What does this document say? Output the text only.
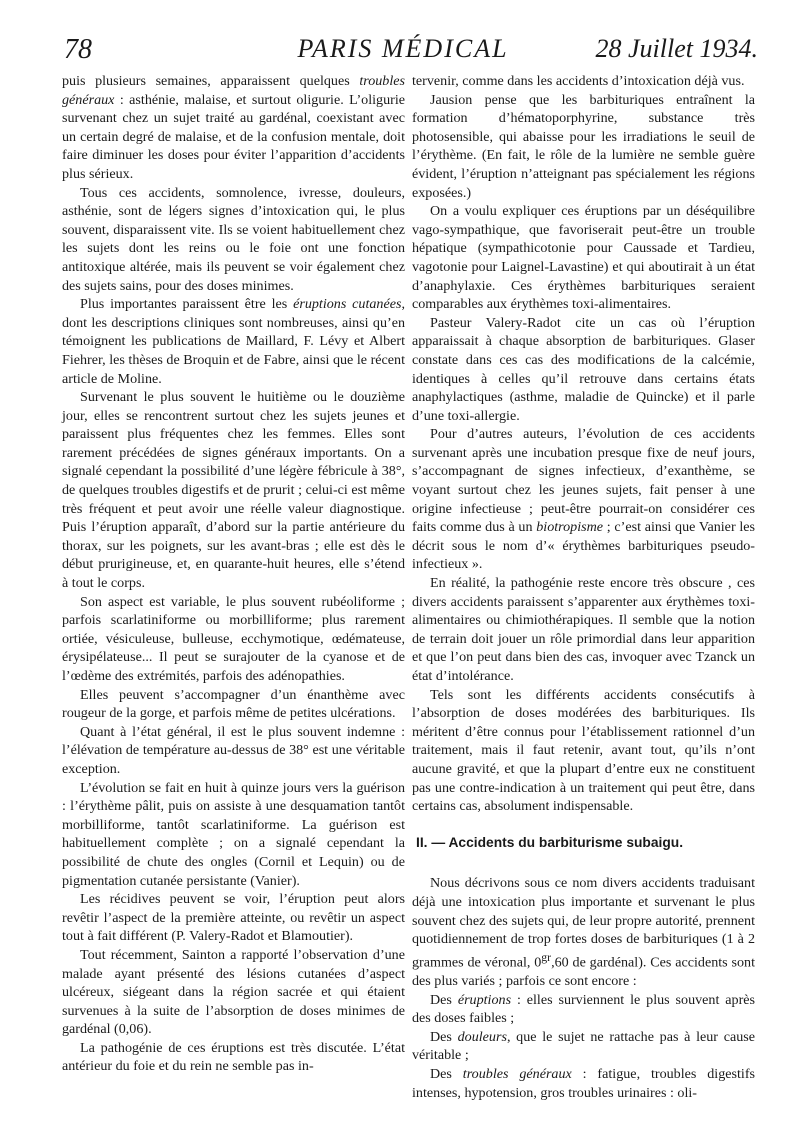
78	PARIS MÉDICAL	28 Juillet 1934.

puis plusieurs semaines, apparaissent quelques troubles généraux : asthénie, malaise, et surtout oligurie. L’oligurie survenant chez un sujet traité au gardénal, coexistant avec un certain degré de malaise, et de la confusion mentale, doit faire diminuer les doses pour éviter l’apparition d’accidents plus sérieux.

Tous ces accidents, somnolence, ivresse, douleurs, asthénie, sont de légers signes d’intoxication qui, le plus souvent, disparaissent vite. Ils se voient habituellement chez les sujets dont les reins ou le foie ont une fonction antitoxique altérée, mais ils peuvent se voir également chez des sujets sains, pour des doses minimes.

Plus importantes paraissent être les éruptions cutanées, dont les descriptions cliniques sont nombreuses, ainsi qu’en témoignent les publications de Maillard, F. Lévy et Albert Fiehrer, les thèses de Broquin et de Fabre, ainsi que le récent article de Moline.

Survenant le plus souvent le huitième ou le douzième jour, elles se rencontrent surtout chez les sujets jeunes et paraissent plus fréquentes chez les femmes. Elles sont rarement précédées de signes généraux importants. On a signalé cependant la possibilité d’une légère fébricule à 38°, de quelques troubles digestifs et de prurit ; celui-ci est même très fréquent et peut avoir une réelle valeur diagnostique. Puis l’éruption apparaît, d’abord sur la partie antérieure du thorax, sur les poignets, sur les avant-bras ; elle est dès le début prurigineuse, et, en quarante-huit heures, elle s’étend à tout le corps.

Son aspect est variable, le plus souvent rubéoliforme ; parfois scarlatiniforme ou morbilliforme; plus rarement ortiée, vésiculeuse, bulleuse, ecchymotique, œdémateuse, érysipélateuse... Il peut se surajouter de la cyanose et de l’œdème des extrémités, parfois des adénopathies.

Elles peuvent s’accompagner d’un énanthème avec rougeur de la gorge, et parfois même de petites ulcérations.

Quant à l’état général, il est le plus souvent indemne : l’élévation de température au-dessus de 38° est une véritable exception.

L’évolution se fait en huit à quinze jours vers la guérison : l’érythème pâlit, puis on assiste à une desquamation tantôt morbilliforme, tantôt scarlatiniforme. La guérison est habituellement complète ; on a signalé cependant la possibilité de chute des ongles (Cornil et Lequin) ou de pigmentation cutanée persistante (Vanier).

Les récidives peuvent se voir, l’éruption peut alors revêtir l’aspect de la première atteinte, ou revêtir un aspect tout à fait différent (P. Valery-Radot et Blamoutier).

Tout récemment, Sainton a rapporté l’observation d’une malade ayant présenté des lésions cutanées d’aspect ulcéreux, siégeant dans la région sacrée et qui étaient survenues à la suite de l’absorption de doses minimes de gardénal (0,06).

La pathogénie de ces éruptions est très discutée. L’état antérieur du foie et du rein ne semble pas in-

tervenir, comme dans les accidents d’intoxication déjà vus.

Jausion pense que les barbituriques entraînent la formation d’hématoporphyrine, substance très photosensible, qui abaisse pour les irradiations le seuil de l’érythème. (En fait, le rôle de la lumière ne semble guère évident, l’éruption n’atteignant pas spécialement les régions exposées.)

On a voulu expliquer ces éruptions par un déséquilibre vago-sympathique, que favoriserait peut-être un trouble hépatique (sympathicotonie pour Caussade et Tardieu, vagotonie pour Laignel-Lavastine) et qui aboutirait à un état d’anaphylaxie. Ces érythèmes barbituriques seraient comparables aux érythèmes toxi-alimentaires.

Pasteur Valery-Radot cite un cas où l’éruption apparaissait à chaque absorption de barbituriques. Glaser constate dans ces cas des modifications de la calcémie, identiques à celles qu’il retrouve dans certains états anaphylactiques (asthme, maladie de Quincke) et il parle d’une toxi-allergie.

Pour d’autres auteurs, l’évolution de ces accidents survenant après une incubation presque fixe de neuf jours, s’accompagnant de signes infectieux, d’exanthème, se voyant surtout chez les jeunes sujets, fait penser à une origine infectieuse ; peut-être pourrait-on considérer ces faits comme dus à un biotropisme ; c’est ainsi que Vanier les décrit sous le nom d’« érythèmes barbituriques pseudo-infectieux ».

En réalité, la pathogénie reste encore très obscure , ces divers accidents paraissent s’apparenter aux érythèmes toxi-alimentaires ou chimiothérapiques. Il semble que la notion de terrain doit jouer un rôle primordial dans leur apparition et que l’on peut dans bien des cas, invoquer avec Tzanck un état d’intolérance.

Tels sont les différents accidents consécutifs à l’absorption de doses modérées des barbituriques. Ils méritent d’être connus pour l’établissement rationnel d’un traitement, mais il faut retenir, avant tout, qu’ils n’ont aucune gravité, et que la plupart d’entre eux ne constituent pas une contre-indication à un traitement qui peut être, dans certains cas, absolument indispensable.

II. — Accidents du barbiturisme subaigu.

Nous décrivons sous ce nom divers accidents traduisant déjà une intoxication plus importante et survenant le plus souvent chez des sujets qui, de leur propre autorité, prennent quotidiennement de trop fortes doses de barbituriques (1 à 2 grammes de véronal, $0^{gr},60$ de gardénal). Ces accidents sont des plus variés ; parfois ce sont encore :

Des éruptions : elles surviennent le plus souvent après des doses faibles ;

Des douleurs, que le sujet ne rattache pas à leur cause véritable ;

Des troubles généraux : fatigue, troubles digestifs intenses, hypotension, gros troubles urinaires : oli-
